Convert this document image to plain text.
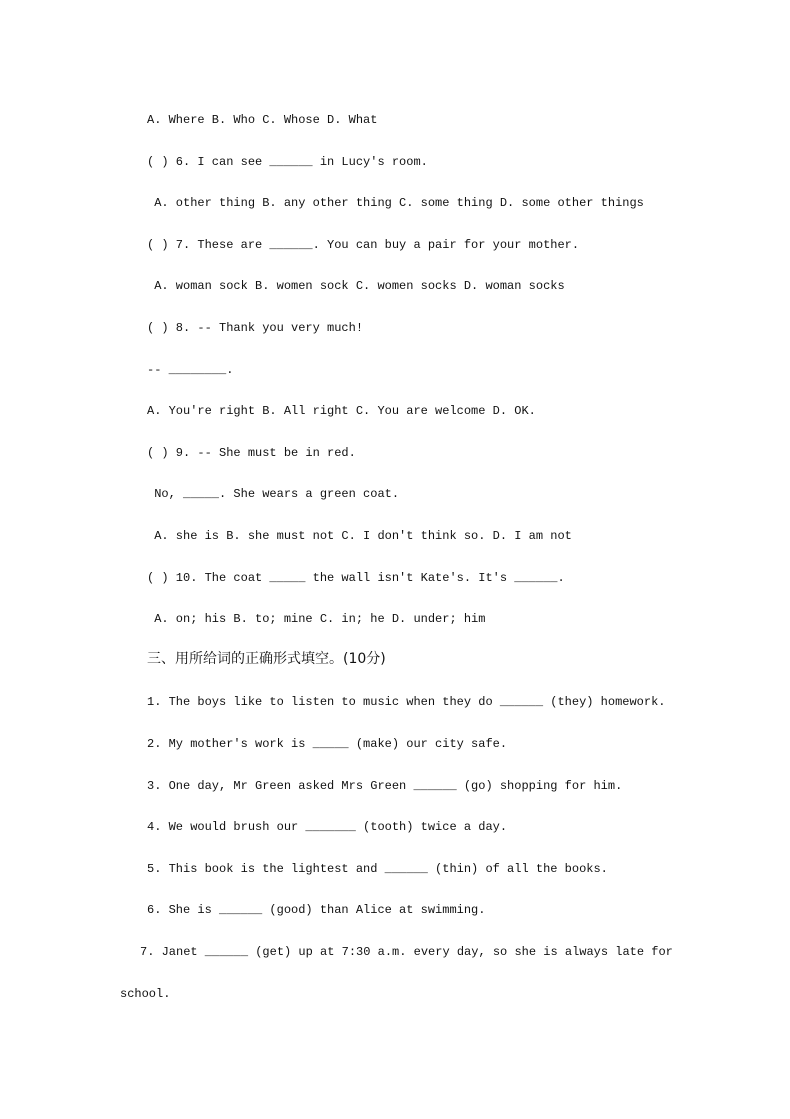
A. Where B. Who C. Whose D. What
( ) 6. I can see ______ in Lucy's room.
A. other thing B. any other thing C. some thing D. some other things
( ) 7. These are ______. You can buy a pair for your mother.
A. woman sock B. women sock C. women socks D. woman socks
( ) 8. -- Thank you very much!
-- ________.
A. You're right B. All right C. You are welcome D. OK.
( ) 9. -- She must be in red.
No, _____. She wears a green coat.
A. she is B. she must not C. I don't think so. D. I am not
( ) 10. The coat _____ the wall isn't Kate's. It's ______.
A. on; his B. to; mine C. in; he D. under; him
三、用所给词的正确形式填空。(10分)
1. The boys like to listen to music when they do ______ (they) homework.
2. My mother's work is _____ (make) our city safe.
3. One day, Mr Green asked Mrs Green ______ (go) shopping for him.
4. We would brush our _______ (tooth) twice a day.
5. This book is the lightest and ______ (thin) of all the books.
6. She is ______ (good) than Alice at swimming.
7. Janet ______ (get) up at 7:30 a.m. every day, so she is always late for
school.
